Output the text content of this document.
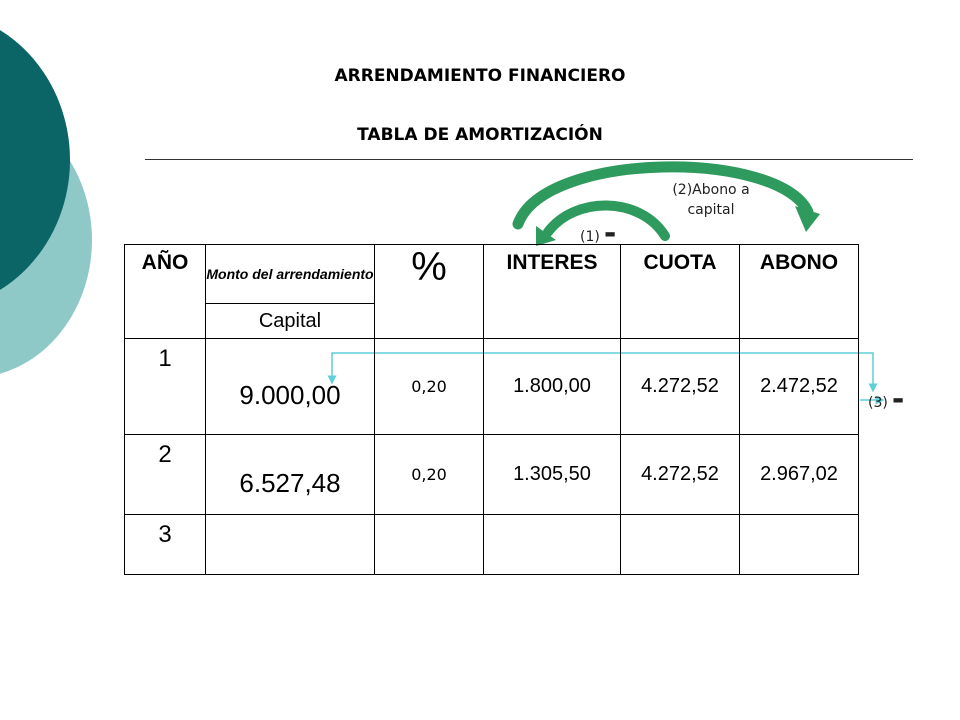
ARRENDAMIENTO FINANCIERO
TABLA DE AMORTIZACIÓN
(2)Abono a capital
(1) -
(3) -
AÑO	Monto del arrendamiento	%	INTERES	CUOTA	ABONO
	Capital				
1	9.000,00	0,20	1.800,00	4.272,52	2.472,52
2	6.527,48	0,20	1.305,50	4.272,52	2.967,02
3					
